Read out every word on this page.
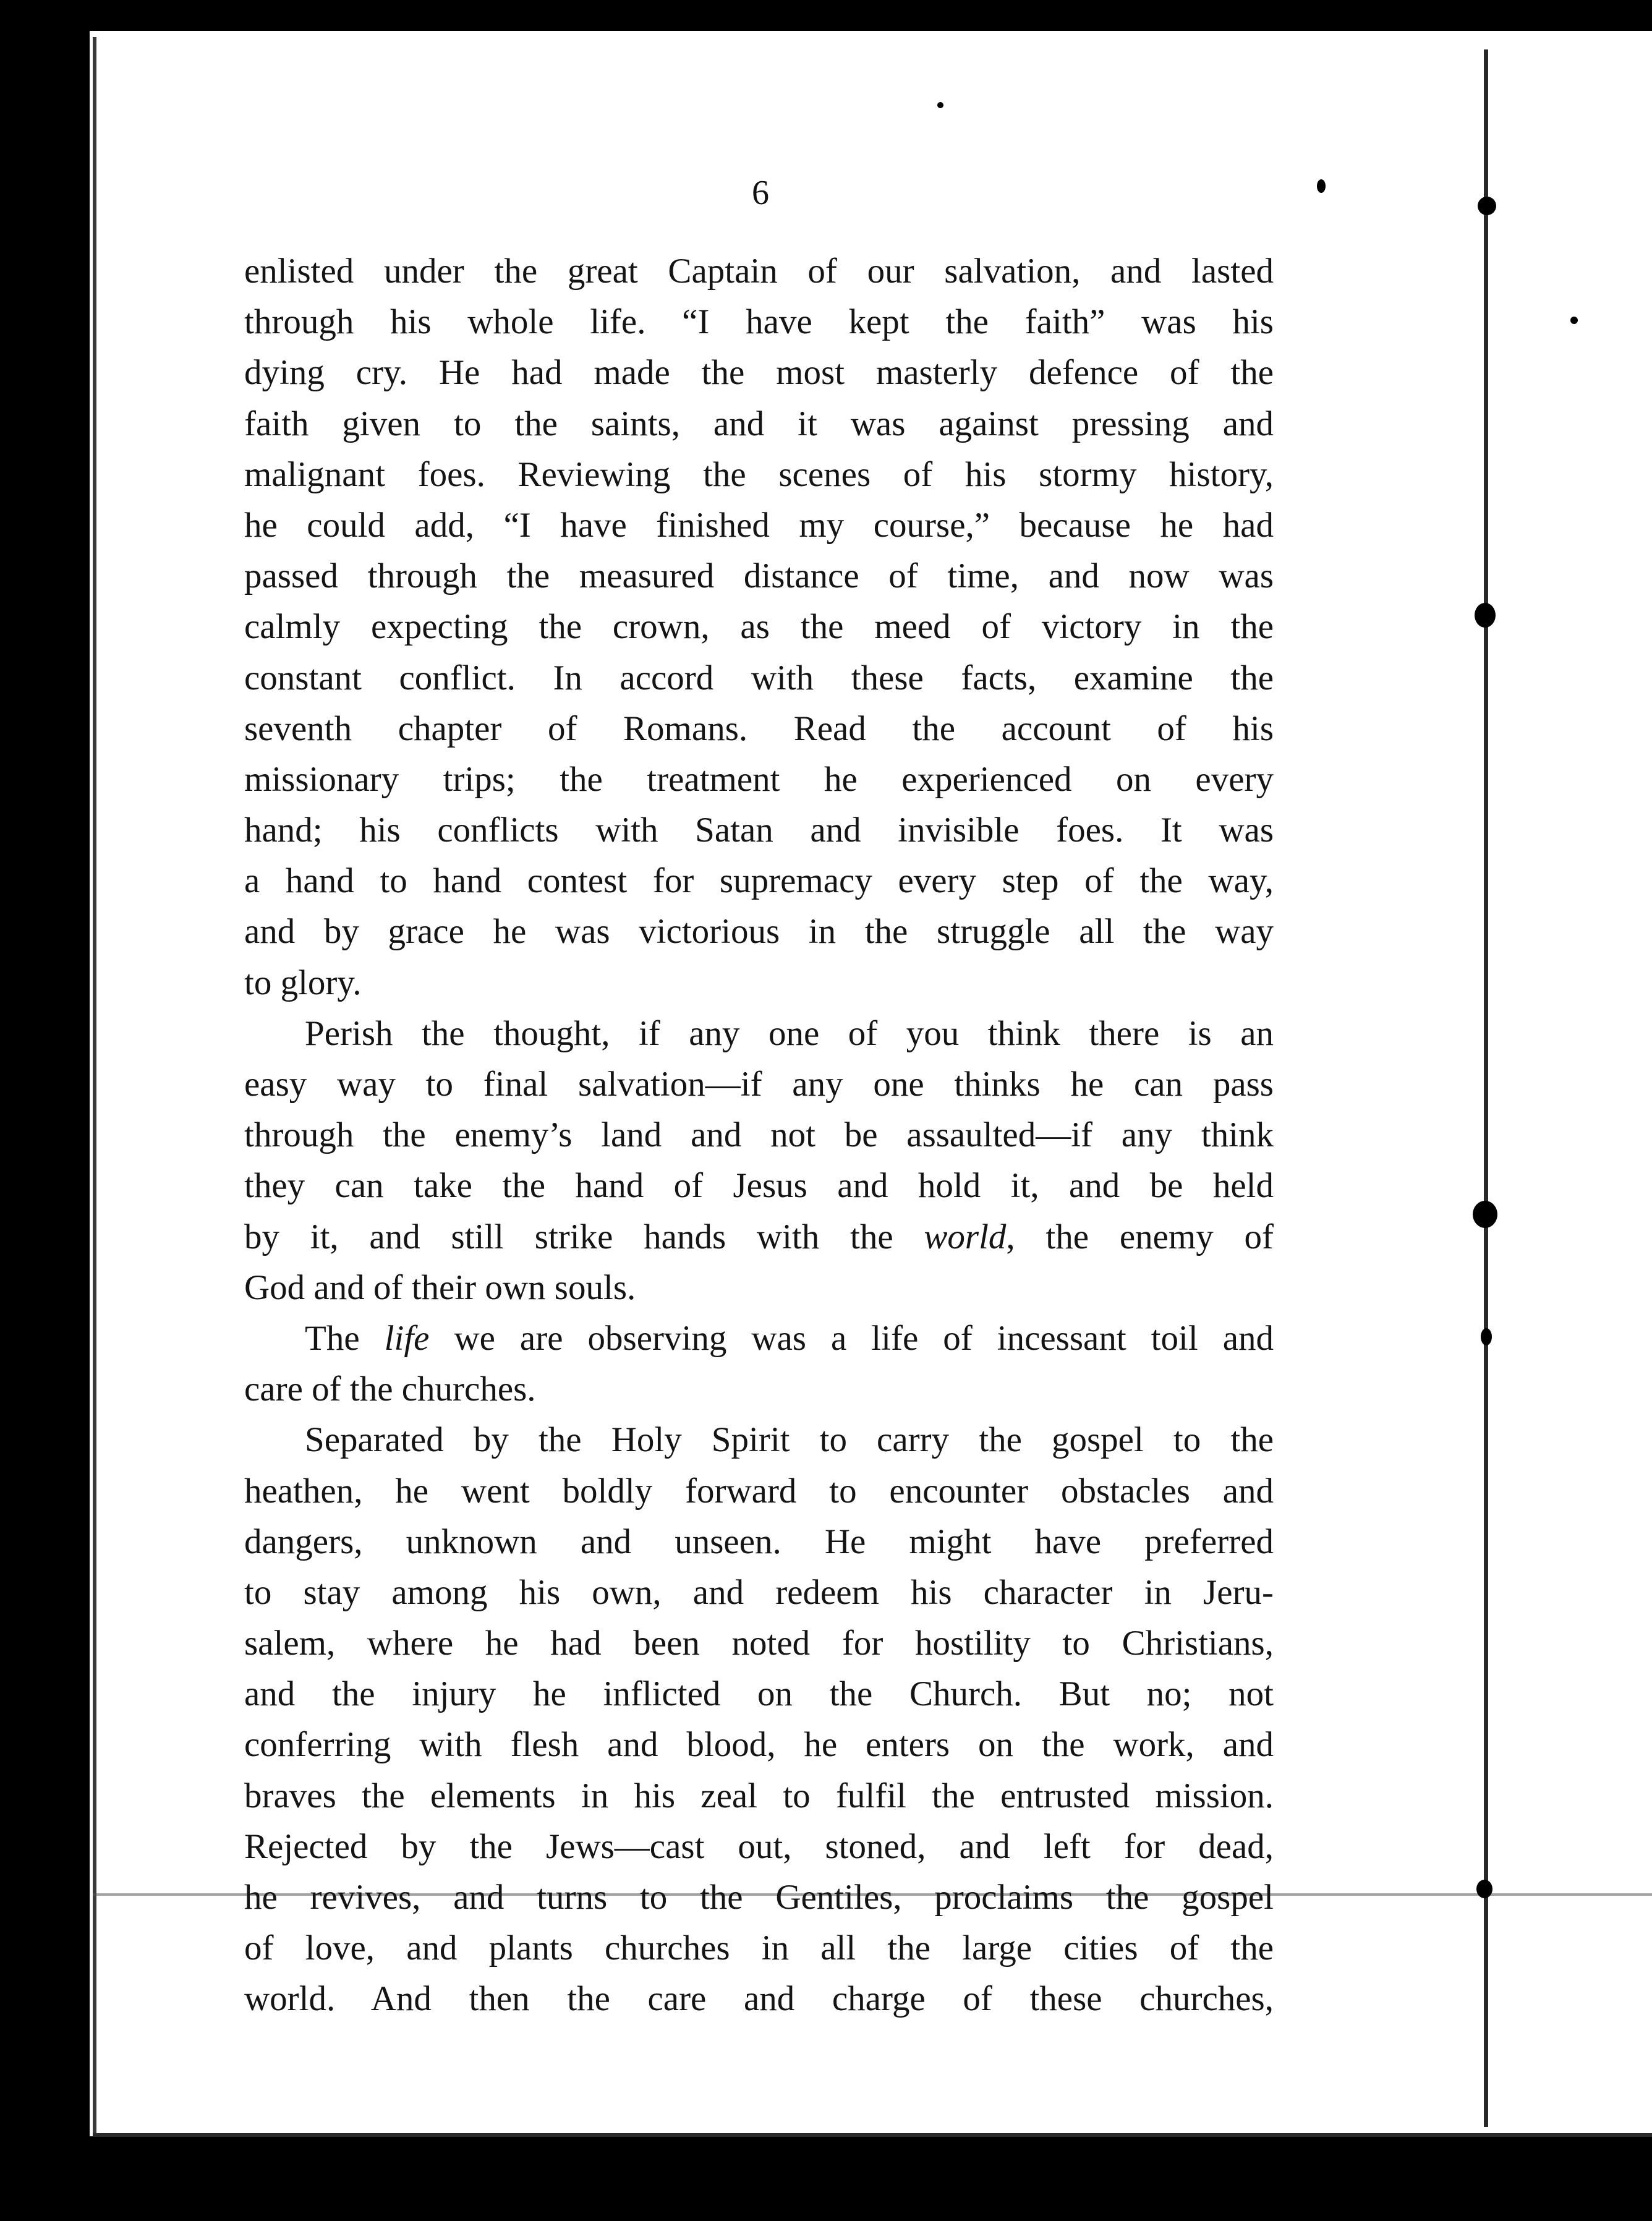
6
enlisted under the great Captain of our salvation, and lasted
through his whole life. “I have kept the faith” was his
dying cry. He had made the most masterly defence of the
faith given to the saints, and it was against pressing and
malignant foes. Reviewing the scenes of his stormy history,
he could add, “I have finished my course,” because he had
passed through the measured distance of time, and now was
calmly expecting the crown, as the meed of victory in the
constant conflict. In accord with these facts, examine the
seventh chapter of Romans. Read the account of his
missionary trips; the treatment he experienced on every
hand; his conflicts with Satan and invisible foes. It was
a hand to hand contest for supremacy every step of the way,
and by grace he was victorious in the struggle all the way
to glory.
Perish the thought, if any one of you think there is an
easy way to final salvation—if any one thinks he can pass
through the enemy’s land and not be assaulted—if any think
they can take the hand of Jesus and hold it, and be held
by it, and still strike hands with the world, the enemy of
God and of their own souls.
The life we are observing was a life of incessant toil and
care of the churches.
Separated by the Holy Spirit to carry the gospel to the
heathen, he went boldly forward to encounter obstacles and
dangers, unknown and unseen. He might have preferred
to stay among his own, and redeem his character in Jeru-
salem, where he had been noted for hostility to Christians,
and the injury he inflicted on the Church. But no; not
conferring with flesh and blood, he enters on the work, and
braves the elements in his zeal to fulfil the entrusted mission.
Rejected by the Jews—cast out, stoned, and left for dead,
he revives, and turns to the Gentiles, proclaims the gospel
of love, and plants churches in all the large cities of the
world. And then the care and charge of these churches,
